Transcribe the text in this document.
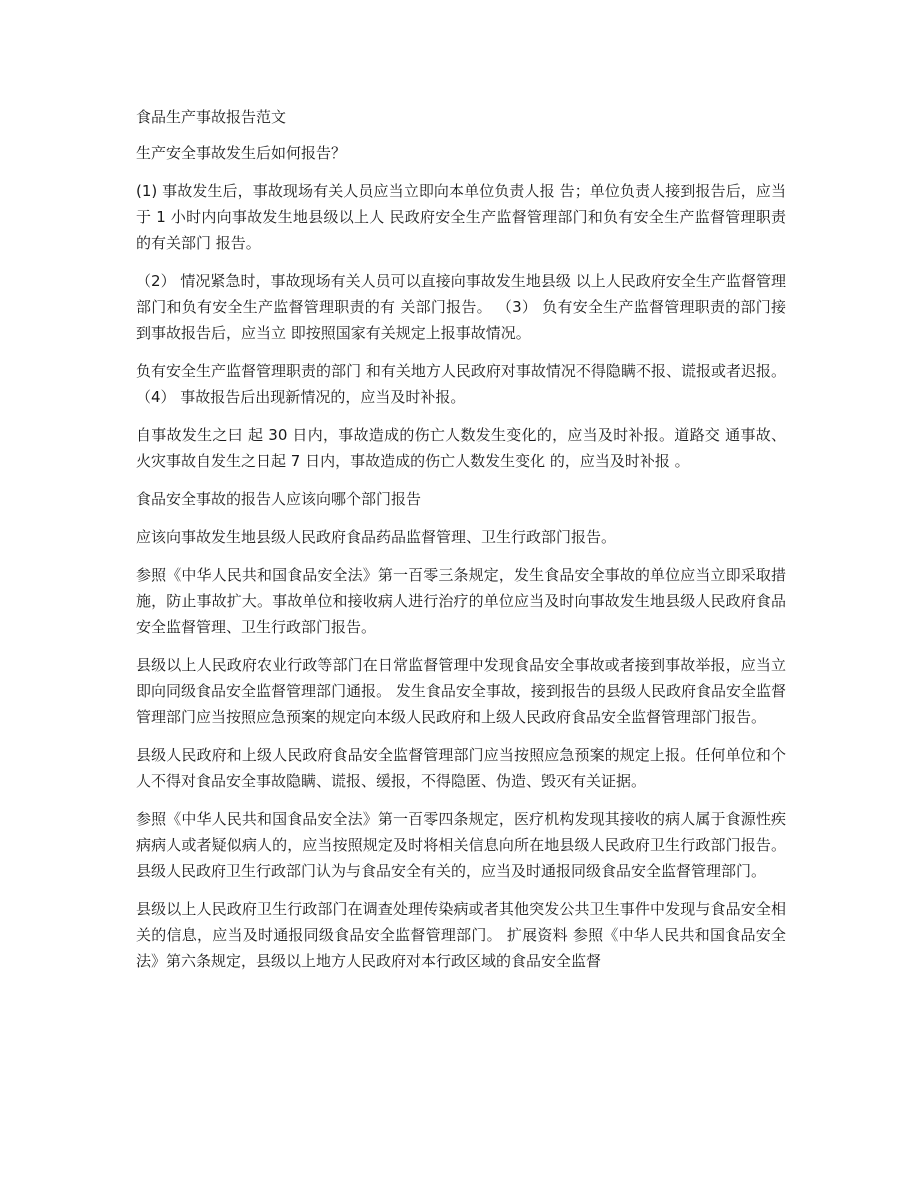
食品生产事故报告范文

生产安全事故发生后如何报告？

(1) 事故发生后，事故现场有关人员应当立即向本单位负责人报 告；单位负责人接到报告后，应当于 1 小时内向事故发生地县级以上人 民政府安全生产监督管理部门和负有安全生产监督管理职责的有关部门 报告。

（2） 情况紧急时，事故现场有关人员可以直接向事故发生地县级 以上人民政府安全生产监督管理部门和负有安全生产监督管理职责的有 关部门报告。 （3） 负有安全生产监督管理职责的部门接到事故报告后，应当立 即按照国家有关规定上报事故情况。

负有安全生产监督管理职责的部门 和有关地方人民政府对事故情况不得隐瞒不报、谎报或者迟报。 （4） 事故报告后出现新情况的，应当及时补报。

自事故发生之曰 起 30 日内，事故造成的伤亡人数发生变化的，应当及时补报。道路交 通事故、火灾事故自发生之日起 7 日内，事故造成的伤亡人数发生变化 的，应当及时补报 。

食品安全事故的报告人应该向哪个部门报告

应该向事故发生地县级人民政府食品药品监督管理、卫生行政部门报告。

参照《中华人民共和国食品安全法》第一百零三条规定，发生食品安全事故的单位应当立即采取措施，防止事故扩大。事故单位和接收病人进行治疗的单位应当及时向事故发生地县级人民政府食品安全监督管理、卫生行政部门报告。

县级以上人民政府农业行政等部门在日常监督管理中发现食品安全事故或者接到事故举报，应当立即向同级食品安全监督管理部门通报。 发生食品安全事故，接到报告的县级人民政府食品安全监督管理部门应当按照应急预案的规定向本级人民政府和上级人民政府食品安全监督管理部门报告。

县级人民政府和上级人民政府食品安全监督管理部门应当按照应急预案的规定上报。任何单位和个人不得对食品安全事故隐瞒、谎报、缓报，不得隐匿、伪造、毁灭有关证据。

参照《中华人民共和国食品安全法》第一百零四条规定，医疗机构发现其接收的病人属于食源性疾病病人或者疑似病人的，应当按照规定及时将相关信息向所在地县级人民政府卫生行政部门报告。县级人民政府卫生行政部门认为与食品安全有关的，应当及时通报同级食品安全监督管理部门。

县级以上人民政府卫生行政部门在调查处理传染病或者其他突发公共卫生事件中发现与食品安全相关的信息，应当及时通报同级食品安全监督管理部门。 扩展资料 参照《中华人民共和国食品安全法》第六条规定，县级以上地方人民政府对本行政区域的食品安全监督
